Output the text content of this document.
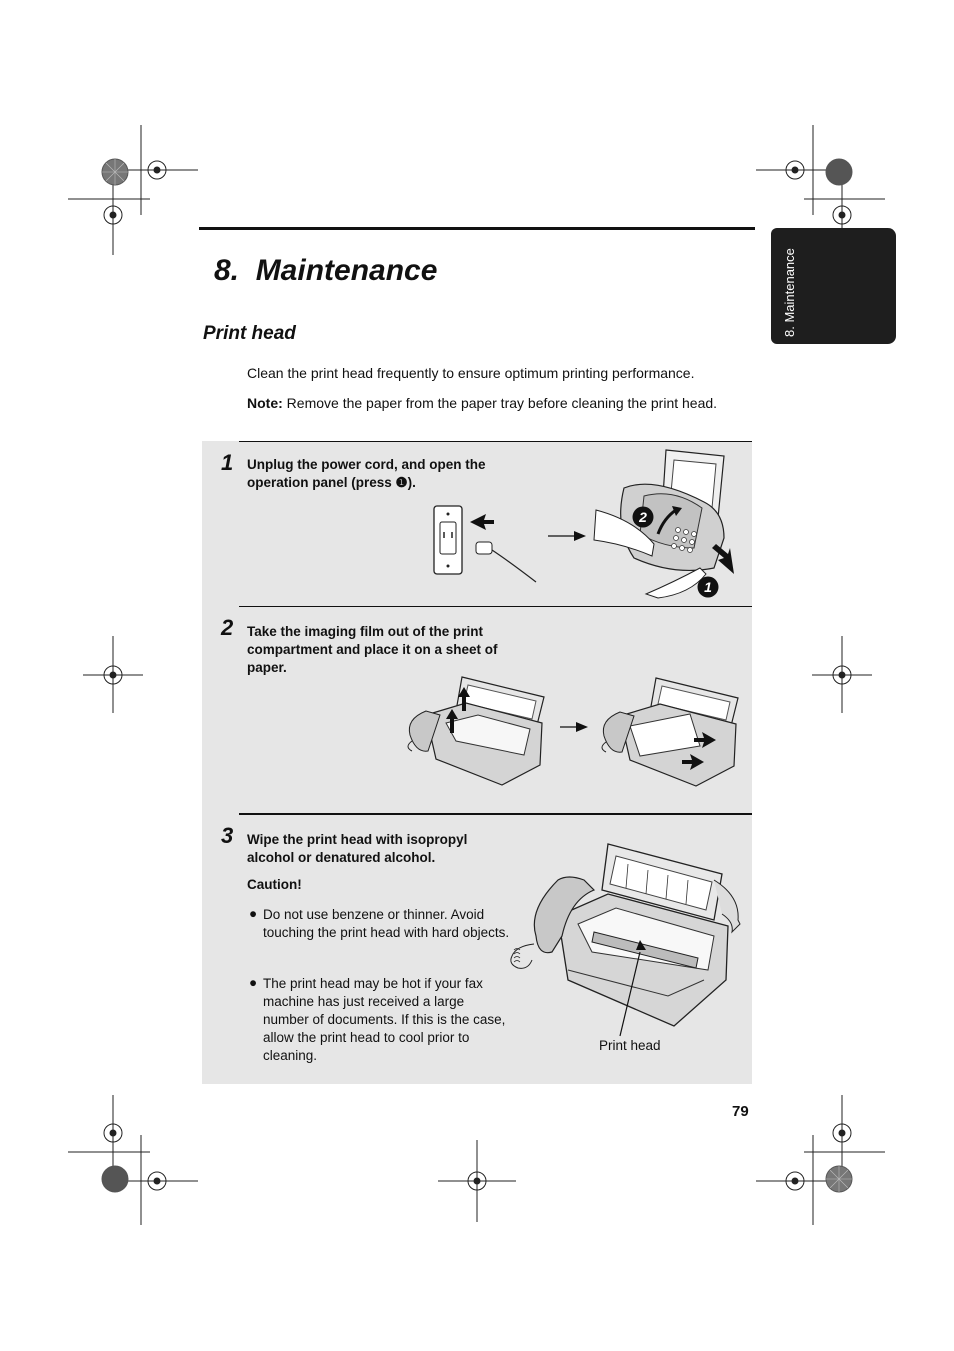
8.  Maintenance	8. Maintenance
Print head
Clean the print head frequently to ensure optimum printing performance.
Note: Remove the paper from the paper tray before cleaning the print head.
1 Unplug the power cord, and open the operation panel (press ❶).
1
2
2 Take the imaging film out of the print compartment and place it on a sheet of paper.
3 Wipe the print head with isopropyl alcohol or denatured alcohol.
Caution!
● Do not use benzene or thinner. Avoid touching the print head with hard objects.
● The print head may be hot if your fax machine has just received a large number of documents. If this is the case, allow the print head to cool prior to cleaning.
Print head
79
